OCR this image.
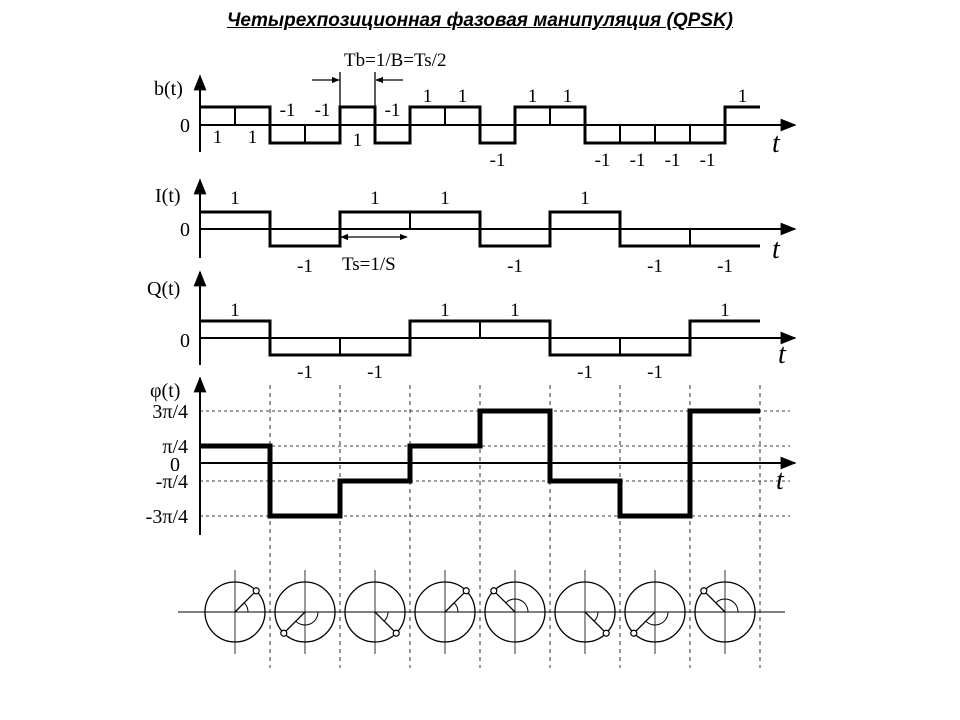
Четырехпозиционная фазовая манипуляция (QPSK)
b(t)
0
t
1 1
-1 -1
1
-1
1 1
-1
1 1
-1 -1 -1 -1
1
Tb=1/B=Ts/2
I(t)
0
t
1
-1
1	1
-1
1
-1	-1
Ts=1/S
Q(t)
0	t
1
-1	-1
1	1
-1	-1
1
φ(t)
0	t
3π/4
π/4
-π/4
-3π/4
